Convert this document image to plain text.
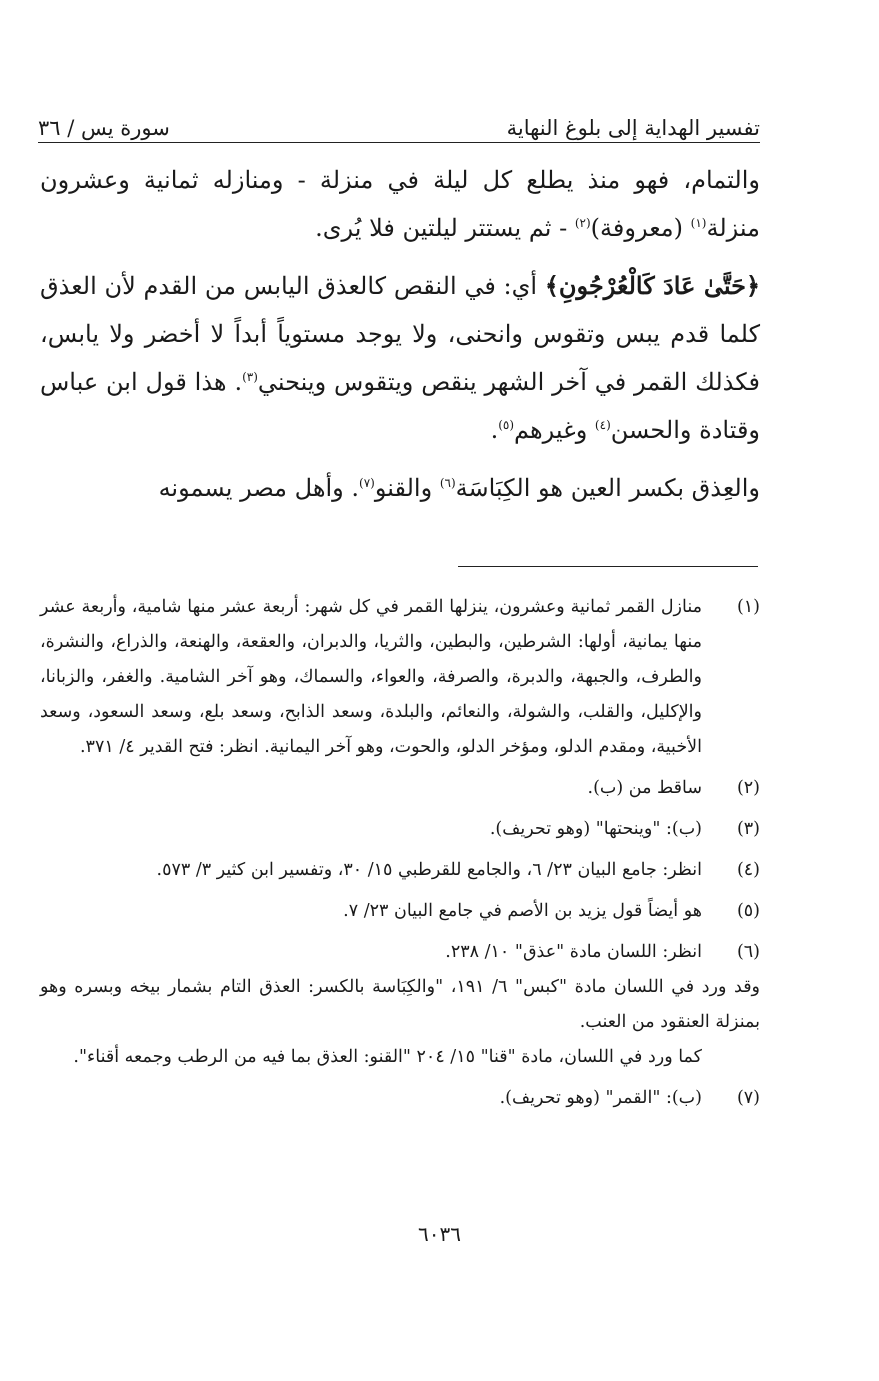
تفسير الهداية إلى بلوغ النهاية
سورة يس / ٣٦

والتمام، فهو منذ يطلع كل ليلة في منزلة - ومنازله ثمانية وعشرون منزلة$^{(١)}$ (معروفة)$^{(٢)}$ - ثم يستتر ليلتين فلا يُرى.

﴿حَتَّىٰ عَادَ كَالْعُرْجُونِ﴾ أي: في النقص كالعذق اليابس من القدم لأن العذق كلما قدم يبس وتقوس وانحنى، ولا يوجد مستوياً أبداً لا أخضر ولا يابس، فكذلك القمر في آخر الشهر ينقص ويتقوس وينحني$^{(٣)}$. هذا قول ابن عباس وقتادة والحسن$^{(٤)}$ وغيرهم$^{(٥)}$.

والعِذق بكسر العين هو الكِبَاسَة$^{(٦)}$ والقنو$^{(٧)}$. وأهل مصر يسمونه

(١)
منازل القمر ثمانية وعشرون، ينزلها القمر في كل شهر: أربعة عشر منها شامية، وأربعة عشر منها يمانية، أولها: الشرطين، والبطين، والثريا، والدبران، والعقعة، والهنعة، والذراع، والنشرة، والطرف، والجبهة، والدبرة، والصرفة، والعواء، والسماك، وهو آخر الشامية. والغفر، والزبانا، والإكليل، والقلب، والشولة، والنعائم، والبلدة، وسعد الذابح، وسعد بلع، وسعد السعود، وسعد الأخبية، ومقدم الدلو، ومؤخر الدلو، والحوت، وهو آخر اليمانية. انظر: فتح القدير ٤/ ٣٧١.
(٢)
ساقط من (ب).
(٣)
(ب): "وينحتها" (وهو تحريف).
(٤)
انظر: جامع البيان ٢٣/ ٦، والجامع للقرطبي ١٥/ ٣٠، وتفسير ابن كثير ٣/ ٥٧٣.
(٥)
هو أيضاً قول يزيد بن الأصم في جامع البيان ٢٣/ ٧.
(٦)
انظر: اللسان مادة "عذق" ١٠/ ٢٣٨.

وقد ورد في اللسان مادة "كبس" ٦/ ١٩١، "والكِبَاسة بالكسر: العذق التام بشمار بيخه وبسره وهو بمنزلة العنقود من العنب.

كما ورد في اللسان، مادة "قنا" ١٥/ ٢٠٤ "القنو: العذق بما فيه من الرطب وجمعه أقناء".

(٧)
(ب): "القمر" (وهو تحريف).
٦٠٣٦
